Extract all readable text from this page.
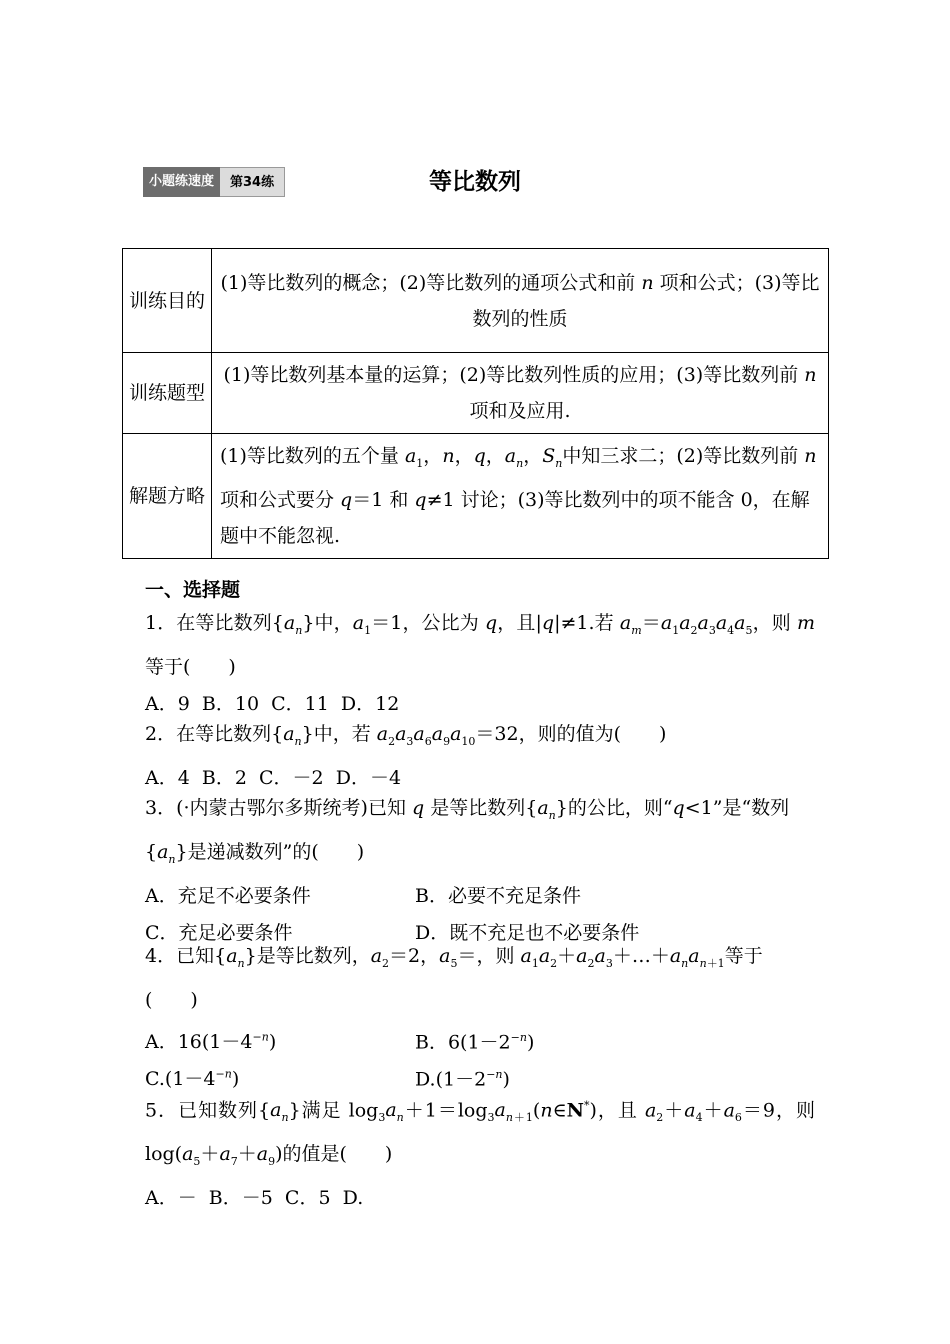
小题练速度	第34练	等比数列
训练目的	(1)等比数列的概念；(2)等比数列的通项公式和前 n 项和公式；(3)等比数列的性质
训练题型	(1)等比数列基本量的运算；(2)等比数列性质的应用；(3)等比数列前 n 项和及应用.
解题方略	(1)等比数列的五个量 $a_1$，n，q，$a_n$，$S_n$中知三求二；(2)等比数列前 n 项和公式要分 q＝1 和 q≠1 讨论；(3)等比数列中的项不能含 0，在解题中不能忽视.
一、选择题
1．在等比数列$\{a_n\}$中，$a_1=1$，公比为 q，且|q|≠1.若 $a_m=a_1a_2a_3a_4a_5$，则 m 等于(　　)
A．9  B．10  C．11  D．12
2．在等比数列$\{a_n\}$中，若 $a_2a_3a_6a_9a_{10}=32$，则的值为(　　)
A．4  B．2  C．－2  D．－4
3．(·内蒙古鄂尔多斯统考)已知 q 是等比数列$\{a_n\}$的公比，则“q<1”是“数列$\{a_n\}$是递减数列”的(　　)
A．充足不必要条件	B．必要不充足条件
C．充足必要条件	D．既不充足也不必要条件
4．已知$\{a_n\}$是等比数列，$a_2=2$，$a_5=$，则 $a_1a_2+a_2a_3+\dots+a_na_{n+1}$等于(　　)
A．$16(1-4^{-n})$	B．$6(1-2^{-n})$
$C.(1-4^{-n})$	$D.(1-2^{-n})$
5．已知数列$\{a_n\}$满足 $\log_3a_n+1=\log_3a_{n+1}(n\in N^*)$，且 $a_2+a_4+a_6=9$，则 $\log(a_5+a_7+a_9)$的值是(　　)
A．－  B．－5  C．5  D.
